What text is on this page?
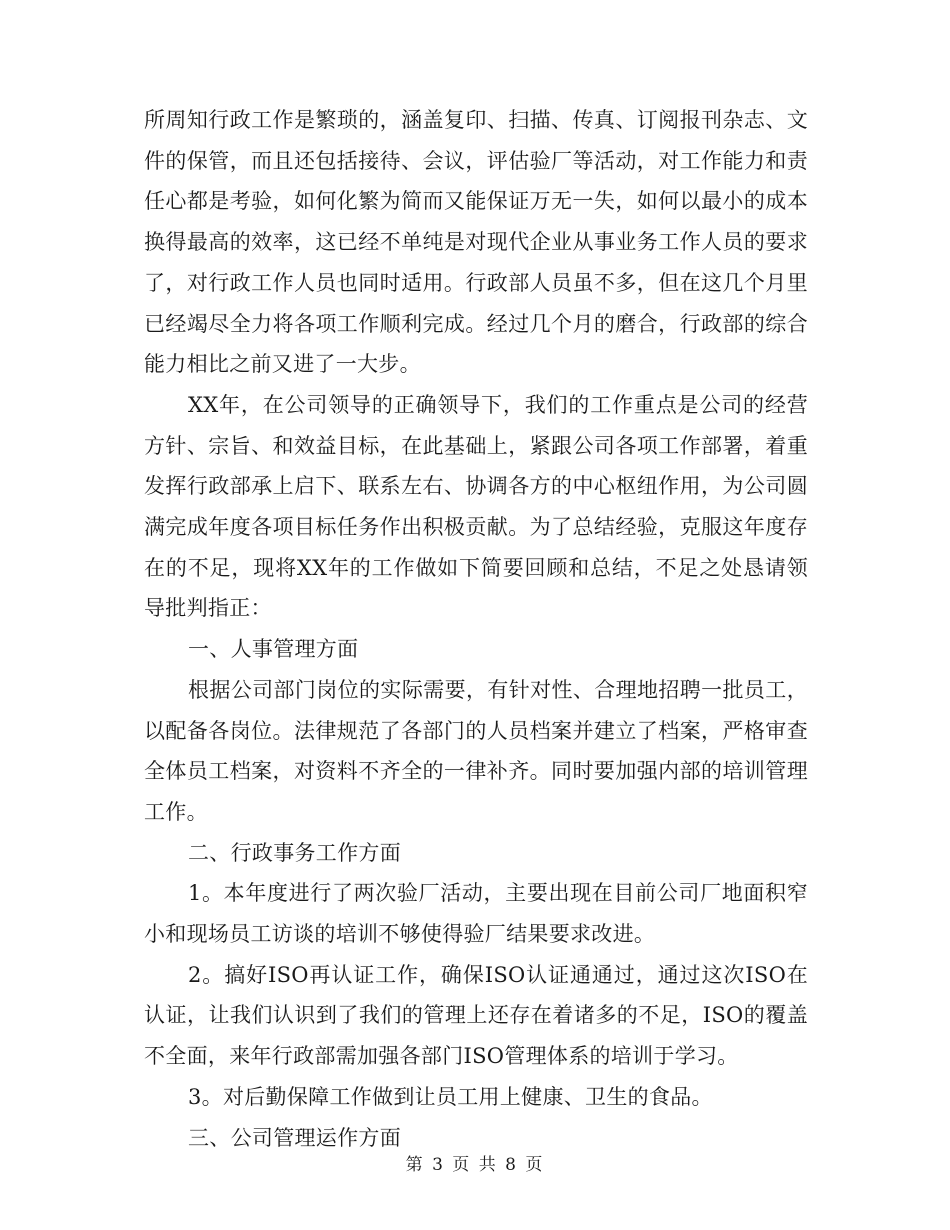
所周知行政工作是繁琐的，涵盖复印、扫描、传真、订阅报刊杂志、文件的保管，而且还包括接待、会议，评估验厂等活动，对工作能力和责任心都是考验，如何化繁为简而又能保证万无一失，如何以最小的成本换得最高的效率，这已经不单纯是对现代企业从事业务工作人员的要求了，对行政工作人员也同时适用。行政部人员虽不多，但在这几个月里已经竭尽全力将各项工作顺利完成。经过几个月的磨合，行政部的综合能力相比之前又进了一大步。

XX年，在公司领导的正确领导下，我们的工作重点是公司的经营方针、宗旨、和效益目标，在此基础上，紧跟公司各项工作部署，着重发挥行政部承上启下、联系左右、协调各方的中心枢纽作用，为公司圆满完成年度各项目标任务作出积极贡献。为了总结经验，克服这年度存在的不足，现将XX年的工作做如下简要回顾和总结，不足之处恳请领导批判指正：

一、人事管理方面

根据公司部门岗位的实际需要，有针对性、合理地招聘一批员工，以配备各岗位。法律规范了各部门的人员档案并建立了档案，严格审查全体员工档案，对资料不齐全的一律补齐。同时要加强内部的培训管理工作。

二、行政事务工作方面

1。本年度进行了两次验厂活动，主要出现在目前公司厂地面积窄小和现场员工访谈的培训不够使得验厂结果要求改进。

2。搞好ISO再认证工作，确保ISO认证通通过，通过这次ISO在认证，让我们认识到了我们的管理上还存在着诸多的不足，ISO的覆盖不全面，来年行政部需加强各部门ISO管理体系的培训于学习。

3。对后勤保障工作做到让员工用上健康、卫生的食品。

三、公司管理运作方面

第 3 页 共 8 页
